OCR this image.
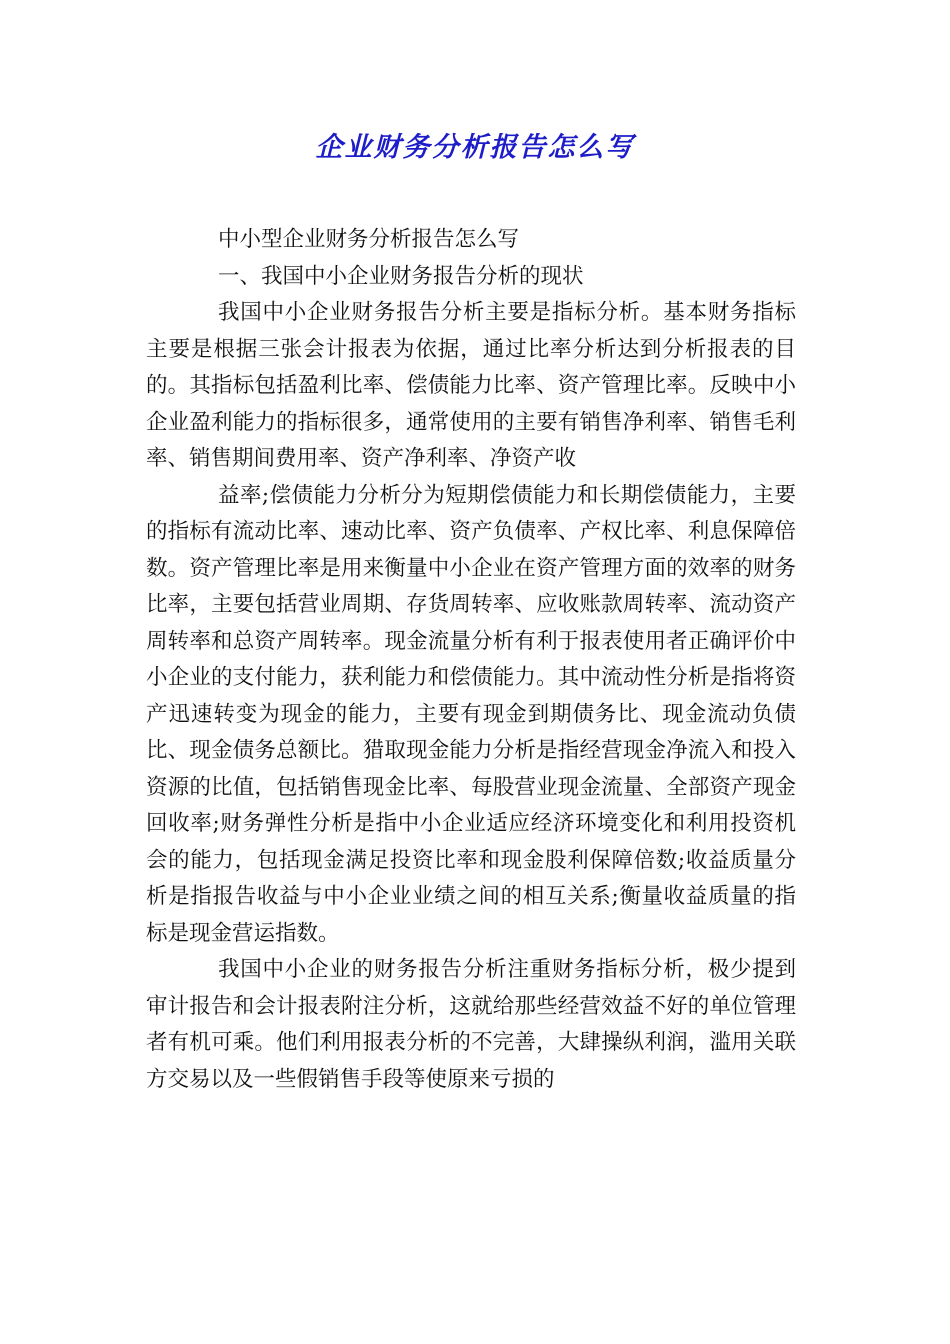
企业财务分析报告怎么写

中小型企业财务分析报告怎么写

一、我国中小企业财务报告分析的现状

我国中小企业财务报告分析主要是指标分析。基本财务指标主要是根据三张会计报表为依据，通过比率分析达到分析报表的目的。其指标包括盈利比率、偿债能力比率、资产管理比率。反映中小企业盈利能力的指标很多，通常使用的主要有销售净利率、销售毛利率、销售期间费用率、资产净利率、净资产收

益率;偿债能力分析分为短期偿债能力和长期偿债能力，主要的指标有流动比率、速动比率、资产负债率、产权比率、利息保障倍数。资产管理比率是用来衡量中小企业在资产管理方面的效率的财务比率，主要包括营业周期、存货周转率、应收账款周转率、流动资产周转率和总资产周转率。现金流量分析有利于报表使用者正确评价中小企业的支付能力，获利能力和偿债能力。其中流动性分析是指将资产迅速转变为现金的能力，主要有现金到期债务比、现金流动负债比、现金债务总额比。猎取现金能力分析是指经营现金净流入和投入资源的比值，包括销售现金比率、每股营业现金流量、全部资产现金回收率;财务弹性分析是指中小企业适应经济环境变化和利用投资机会的能力，包括现金满足投资比率和现金股利保障倍数;收益质量分析是指报告收益与中小企业业绩之间的相互关系;衡量收益质量的指标是现金营运指数。

我国中小企业的财务报告分析注重财务指标分析，极少提到审计报告和会计报表附注分析，这就给那些经营效益不好的单位管理者有机可乘。他们利用报表分析的不完善，大肆操纵利润，滥用关联方交易以及一些假销售手段等使原来亏损的
